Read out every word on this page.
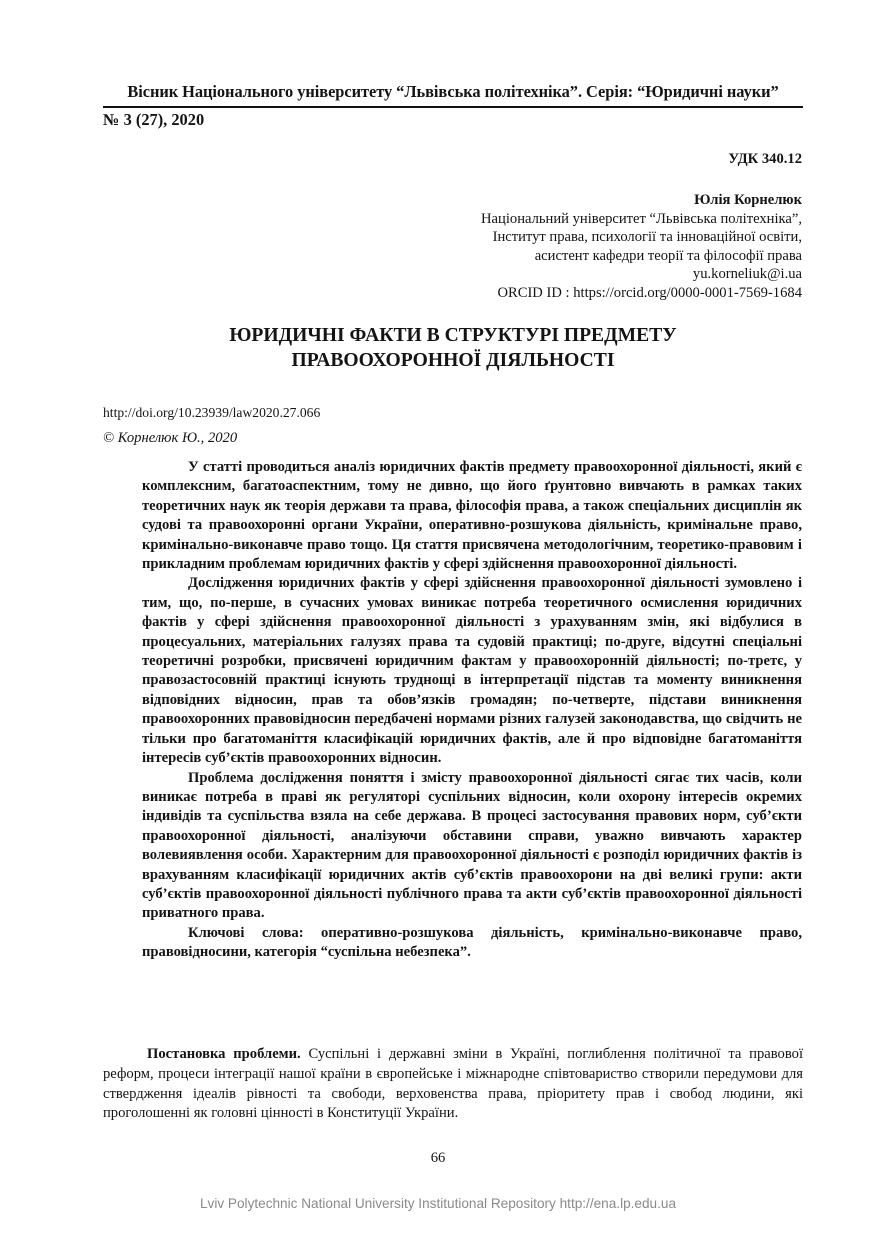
Вісник Національного університету “Львівська політехніка”. Серія: “Юридичні науки”
№ 3 (27), 2020
УДК 340.12
Юлія Корнелюк
Національний університет “Львівська політехніка”,
Інститут права, психології та інноваційної освіти,
асистент кафедри теорії та філософії права
yu.korneliuk@i.ua
ORCID ID : https://orcid.org/0000-0001-7569-1684
ЮРИДИЧНІ ФАКТИ В СТРУКТУРІ ПРЕДМЕТУ
ПРАВООХОРОННОЇ ДІЯЛЬНОСТІ
http://doi.org/10.23939/law2020.27.066
© Корнелюк Ю., 2020

У статті проводиться аналіз юридичних фактів предмету правоохоронної діяльності, який є комплексним, багатоаспектним, тому не дивно, що його ґрунтовно вивчають в рамках таких теоретичних наук як теорія держави та права, філософія права, а також спеціальних дисциплін як судові та правоохоронні органи України, оперативно-розшукова діяльність, кримінальне право, кримінально-виконавче право тощо. Ця стаття присвячена методологічним, теоретико-правовим і прикладним проблемам юридичних фактів у сфері здійснення правоохоронної діяльності.

Дослідження юридичних фактів у сфері здійснення правоохоронної діяльності зумовлено і тим, що, по-перше, в сучасних умовах виникає потреба теоретичного осмислення юридичних фактів у сфері здійснення правоохоронної діяльності з урахуванням змін, які відбулися в процесуальних, матеріальних галузях права та судовій практиці; по-друге, відсутні спеціальні теоретичні розробки, присвячені юридичним фактам у правоохоронній діяльності; по-третє, у правозастосовній практиці існують труднощі в інтерпретації підстав та моменту виникнення відповідних відносин, прав та обов’язків громадян; по-четверте, підстави виникнення правоохоронних правовідносин передбачені нормами різних галузей законодавства, що свідчить не тільки про багатоманіття класифікацій юридичних фактів, але й про відповідне багатоманіття інтересів суб’єктів правоохоронних відносин.

Проблема дослідження поняття і змісту правоохоронної діяльності сягає тих часів, коли виникає потреба в праві як регуляторі суспільних відносин, коли охорону інтересів окремих індивідів та суспільства взяла на себе держава. В процесі застосування правових норм, суб’єкти правоохоронної діяльності, аналізуючи обставини справи, уважно вивчають характер волевиявлення особи. Характерним для правоохоронної діяльності є розподіл юридичних фактів із врахуванням класифікації юридичних актів суб’єктів правоохорони на дві великі групи: акти суб’єктів правоохоронної діяльності публічного права та акти суб’єктів правоохоронної діяльності приватного права.

Ключові слова: оперативно-розшукова діяльність, кримінально-виконавче право, правовідносини, категорія “суспільна небезпека”.

Постановка проблеми. Суспільні і державні зміни в Україні, поглиблення політичної та правової реформ, процеси інтеграції нашої країни в європейське і міжнародне співтовариство створили передумови для ствердження ідеалів рівності та свободи, верховенства права, пріоритету прав і свобод людини, які проголошенні як головні цінності в Конституції України.

66
Lviv Polytechnic National University Institutional Repository http://ena.lp.edu.ua
